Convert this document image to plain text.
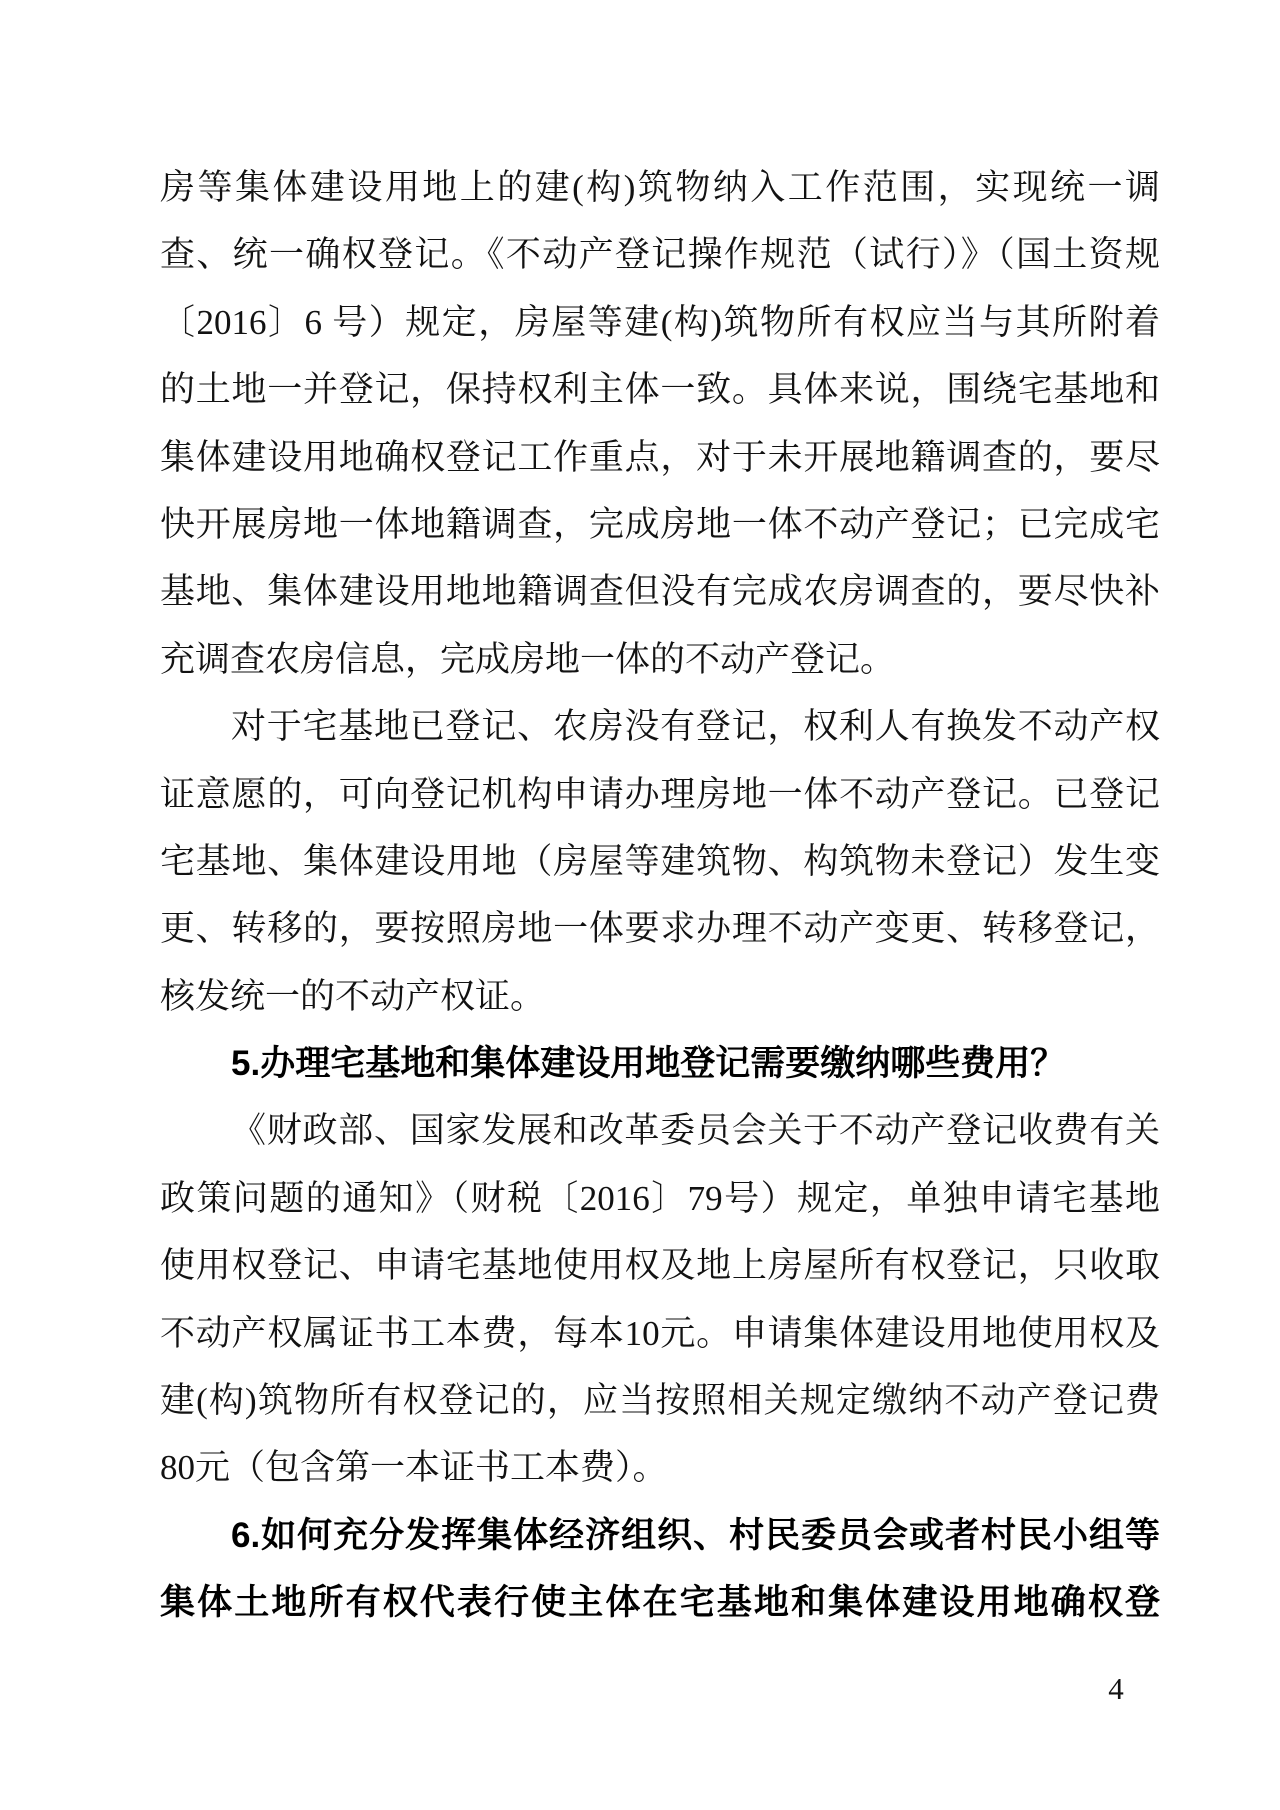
房等集体建设用地上的建(构)筑物纳入工作范围，实现统一调
查、统一确权登记。《不动产登记操作规范（试行）》（国土资规
〔2016〕6 号）规定，房屋等建(构)筑物所有权应当与其所附着
的土地一并登记，保持权利主体一致。具体来说，围绕宅基地和
集体建设用地确权登记工作重点，对于未开展地籍调查的，要尽
快开展房地一体地籍调查，完成房地一体不动产登记；已完成宅
基地、集体建设用地地籍调查但没有完成农房调查的，要尽快补
充调查农房信息，完成房地一体的不动产登记。
对于宅基地已登记、农房没有登记，权利人有换发不动产权
证意愿的，可向登记机构申请办理房地一体不动产登记。已登记
宅基地、集体建设用地（房屋等建筑物、构筑物未登记）发生变
更、转移的，要按照房地一体要求办理不动产变更、转移登记，
核发统一的不动产权证。
5.办理宅基地和集体建设用地登记需要缴纳哪些费用？
《财政部、国家发展和改革委员会关于不动产登记收费有关
政策问题的通知》（财税〔2016〕79号）规定，单独申请宅基地
使用权登记、申请宅基地使用权及地上房屋所有权登记，只收取
不动产权属证书工本费，每本10元。申请集体建设用地使用权及
建(构)筑物所有权登记的，应当按照相关规定缴纳不动产登记费
80元（包含第一本证书工本费）。
6.如何充分发挥集体经济组织、村民委员会或者村民小组等
集体土地所有权代表行使主体在宅基地和集体建设用地确权登
4
